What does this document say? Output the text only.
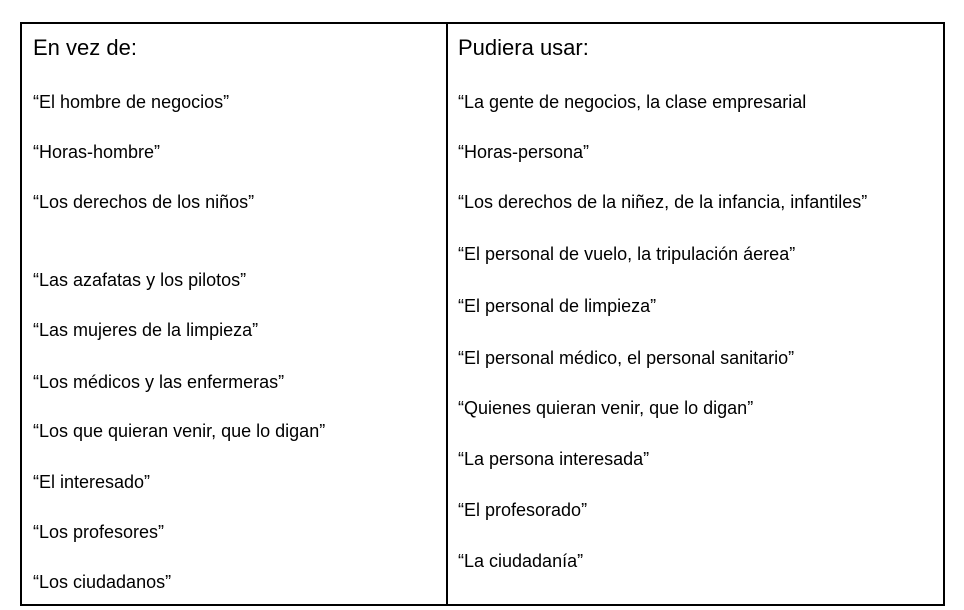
En vez de:
“El hombre de negocios”
“Horas-hombre”
“Los derechos de los niños”
“Las azafatas y los pilotos”
“Las mujeres de la limpieza”
“Los médicos y las enfermeras”
“Los que quieran venir, que lo digan”
“El interesado”
“Los profesores”
“Los ciudadanos”
Pudiera usar:
“La gente de negocios, la clase empresarial
“Horas-persona”
“Los derechos de la niñez, de la infancia, infantiles”
“El personal de vuelo, la tripulación áerea”
“El personal de limpieza”
“El personal médico, el personal sanitario”
“Quienes quieran venir, que lo digan”
“La persona interesada”
“El profesorado”
“La ciudadanía”
